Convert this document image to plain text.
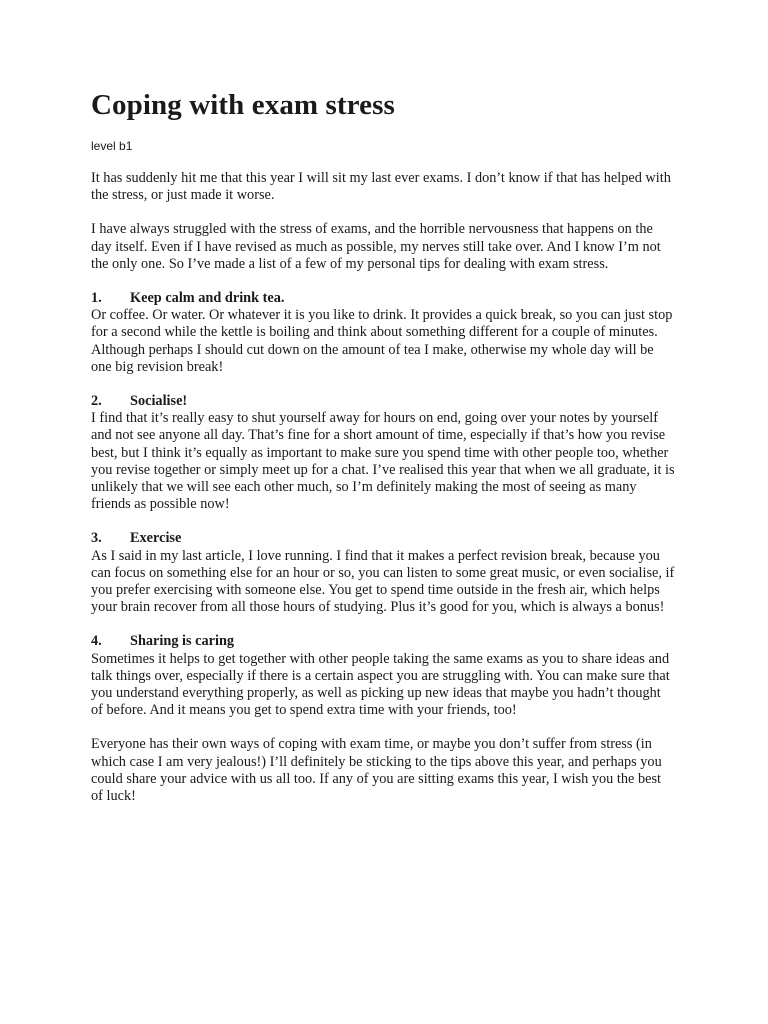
Coping with exam stress

level b1

It has suddenly hit me that this year I will sit my last ever exams. I don’t know if that has helped with the stress, or just made it worse.

I have always struggled with the stress of exams, and the horrible nervousness that happens on the day itself. Even if I have revised as much as possible, my nerves still take over. And I know I’m not the only one. So I’ve made a list of a few of my personal tips for dealing with exam stress.

1.	Keep calm and drink tea.

Or coffee. Or water. Or whatever it is you like to drink. It provides a quick break, so you can just stop for a second while the kettle is boiling and think about something different for a couple of minutes. Although perhaps I should cut down on the amount of tea I make, otherwise my whole day will be one big revision break!

2.	Socialise!

I find that it’s really easy to shut yourself away for hours on end, going over your notes by yourself and not see anyone all day. That’s fine for a short amount of time, especially if that’s how you revise best, but I think it’s equally as important to make sure you spend time with other people too, whether you revise together or simply meet up for a chat. I’ve realised this year that when we all graduate, it is unlikely that we will see each other much, so I’m definitely making the most of seeing as many friends as possible now!

3.	Exercise

As I said in my last article, I love running. I find that it makes a perfect revision break, because you can focus on something else for an hour or so, you can listen to some great music, or even socialise, if you prefer exercising with someone else. You get to spend time outside in the fresh air, which helps your brain recover from all those hours of studying. Plus it’s good for you, which is always a bonus!

4.	Sharing is caring

Sometimes it helps to get together with other people taking the same exams as you to share ideas and talk things over, especially if there is a certain aspect you are struggling with. You can make sure that you understand everything properly, as well as picking up new ideas that maybe you hadn’t thought of before. And it means you get to spend extra time with your friends, too!

Everyone has their own ways of coping with exam time, or maybe you don’t suffer from stress (in which case I am very jealous!) I’ll definitely be sticking to the tips above this year, and perhaps you could share your advice with us all too. If any of you are sitting exams this year, I wish you the best of luck!
